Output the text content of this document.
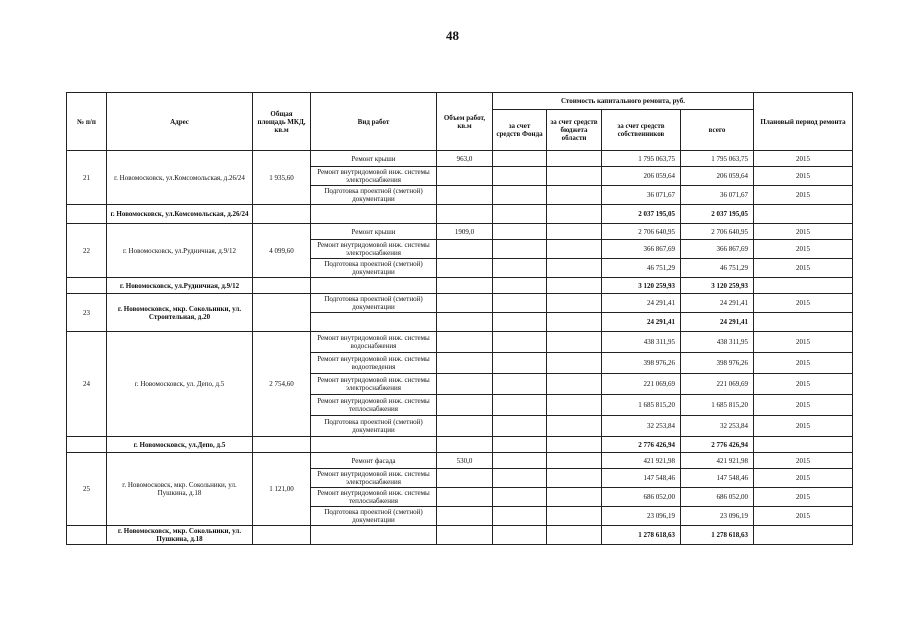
48
№ п/п	Адрес	Общая площадь МКД, кв.м	Вид работ	Объем работ, кв.м	Стоимость капитального ремонта, руб.				Плановый период ремонта
					за счет средств Фонда	за счет средств бюджета области	за счет средств собственников	всего	
21	г. Новомосковск, ул.Комсомольская, д.26/24	1 935,60	Ремонт крыши	963,0			1 795 063,75	1 795 063,75	2015
			Ремонт внутридомовой инж. системы электроснабжения				206 059,64	206 059,64	2015
			Подготовка проектной (сметной) документации				36 071,67	36 071,67	2015
	г. Новомосковск, ул.Комсомольская, д.26/24						2 037 195,05	2 037 195,05	
22	г. Новомосковск, ул.Рудничная, д.9/12	4 099,60	Ремонт крыши	1909,0			2 706 640,95	2 706 640,95	2015
			Ремонт внутридомовой инж. системы электроснабжения				366 867,69	366 867,69	2015
			Подготовка проектной (сметной) документации				46 751,29	46 751,29	2015
	г. Новомосковск, ул.Рудничная, д.9/12						3 120 259,93	3 120 259,93	
23	г. Новомосковск, мкр. Сокольники, ул. Строительная, д.20		Подготовка проектной (сметной) документации				24 291,41	24 291,41	2015
							24 291,41	24 291,41	
24	г. Новомосковск, ул. Депо, д.5	2 754,60	Ремонт внутридомовой инж. системы водоснабжения				438 311,95	438 311,95	2015
			Ремонт внутридомовой инж. системы водоотведения				398 976,26	398 976,26	2015
			Ремонт внутридомовой инж. системы электроснабжения				221 069,69	221 069,69	2015
			Ремонт внутридомовой инж. системы теплоснабжения				1 685 815,20	1 685 815,20	2015
			Подготовка проектной (сметной) документации				32 253,84	32 253,84	2015
	г. Новомосковск, ул.Депо, д.5						2 776 426,94	2 776 426,94	
25	г. Новомосковск, мкр. Сокольники, ул. Пушкина, д.18	1 121,00	Ремонт фасада	530,0			421 921,98	421 921,98	2015
			Ремонт внутридомовой инж. системы электроснабжения				147 548,46	147 548,46	2015
			Ремонт внутридомовой инж. системы теплоснабжения				686 052,00	686 052,00	2015
			Подготовка проектной (сметной) документации				23 096,19	23 096,19	2015
	г. Новомосковск, мкр. Сокольники, ул. Пушкина, д.18						1 278 618,63	1 278 618,63	
